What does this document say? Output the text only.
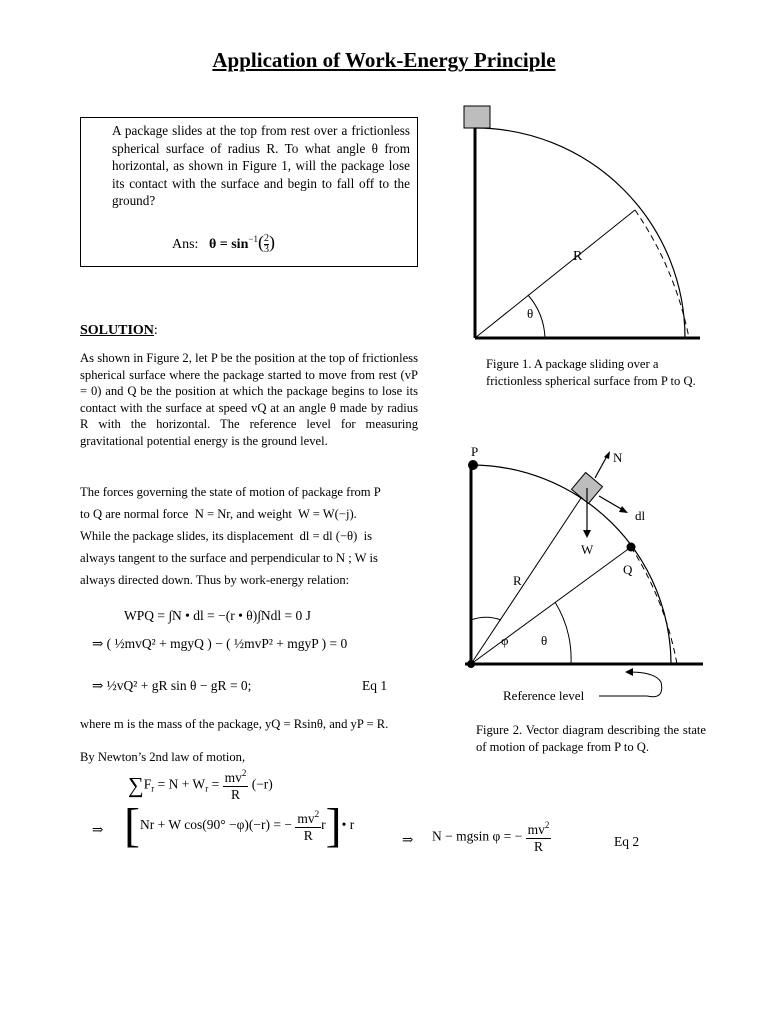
Application of Work-Energy Principle
A package slides at the top from rest over a frictionless spherical surface of radius R. To what angle θ from horizontal, as shown in Figure 1, will the package lose its contact with the surface and begin to fall off to the ground?
Ans: $\theta = \sin^{-1}(\frac{2}{3})$
SOLUTION:
As shown in Figure 2, let P be the position at the top of frictionless spherical surface where the package started to move from rest (vP = 0) and Q be the position at which the package begins to lose its contact with the surface at speed vQ at an angle θ made by radius R with the horizontal. The reference level for measuring gravitational potential energy is the ground level.
The forces governing the state of motion of package from P
to Q are normal force N = Nr, and weight W = W(−j).
While the package slides, its displacement dl = dl (−θ) is
always tangent to the surface and perpendicular to N ; W is
always directed down. Thus by work-energy relation:
WPQ = ∫N • dl = −(r • θ)∫Ndl = 0 J
⇒ ( ½mvQ² + mgyQ ) − ( ½mvP² + mgyP ) = 0
⇒ ½vQ² + gR sin θ − gR = 0;	Eq 1
where m is the mass of the package, yQ = Rsinθ, and yP = R.
By Newton’s 2nd law of motion,
$\sum F_r = N + W_r = \frac{mv^2}{R} (-r)$
⇒ [Nr + W cos(90° −φ)(−r) = − $\frac{mv^2}{R}$ r]• r
⇒ N − mgsin φ = − $\frac{mv^2}{R}$	Eq 2
R
θ
Figure 1. A package sliding over a frictionless spherical surface from P to Q.
P	N
dl
W
Q
R
φ θ
Reference level
Figure 2. Vector diagram describing the state of motion of package from P to Q.
